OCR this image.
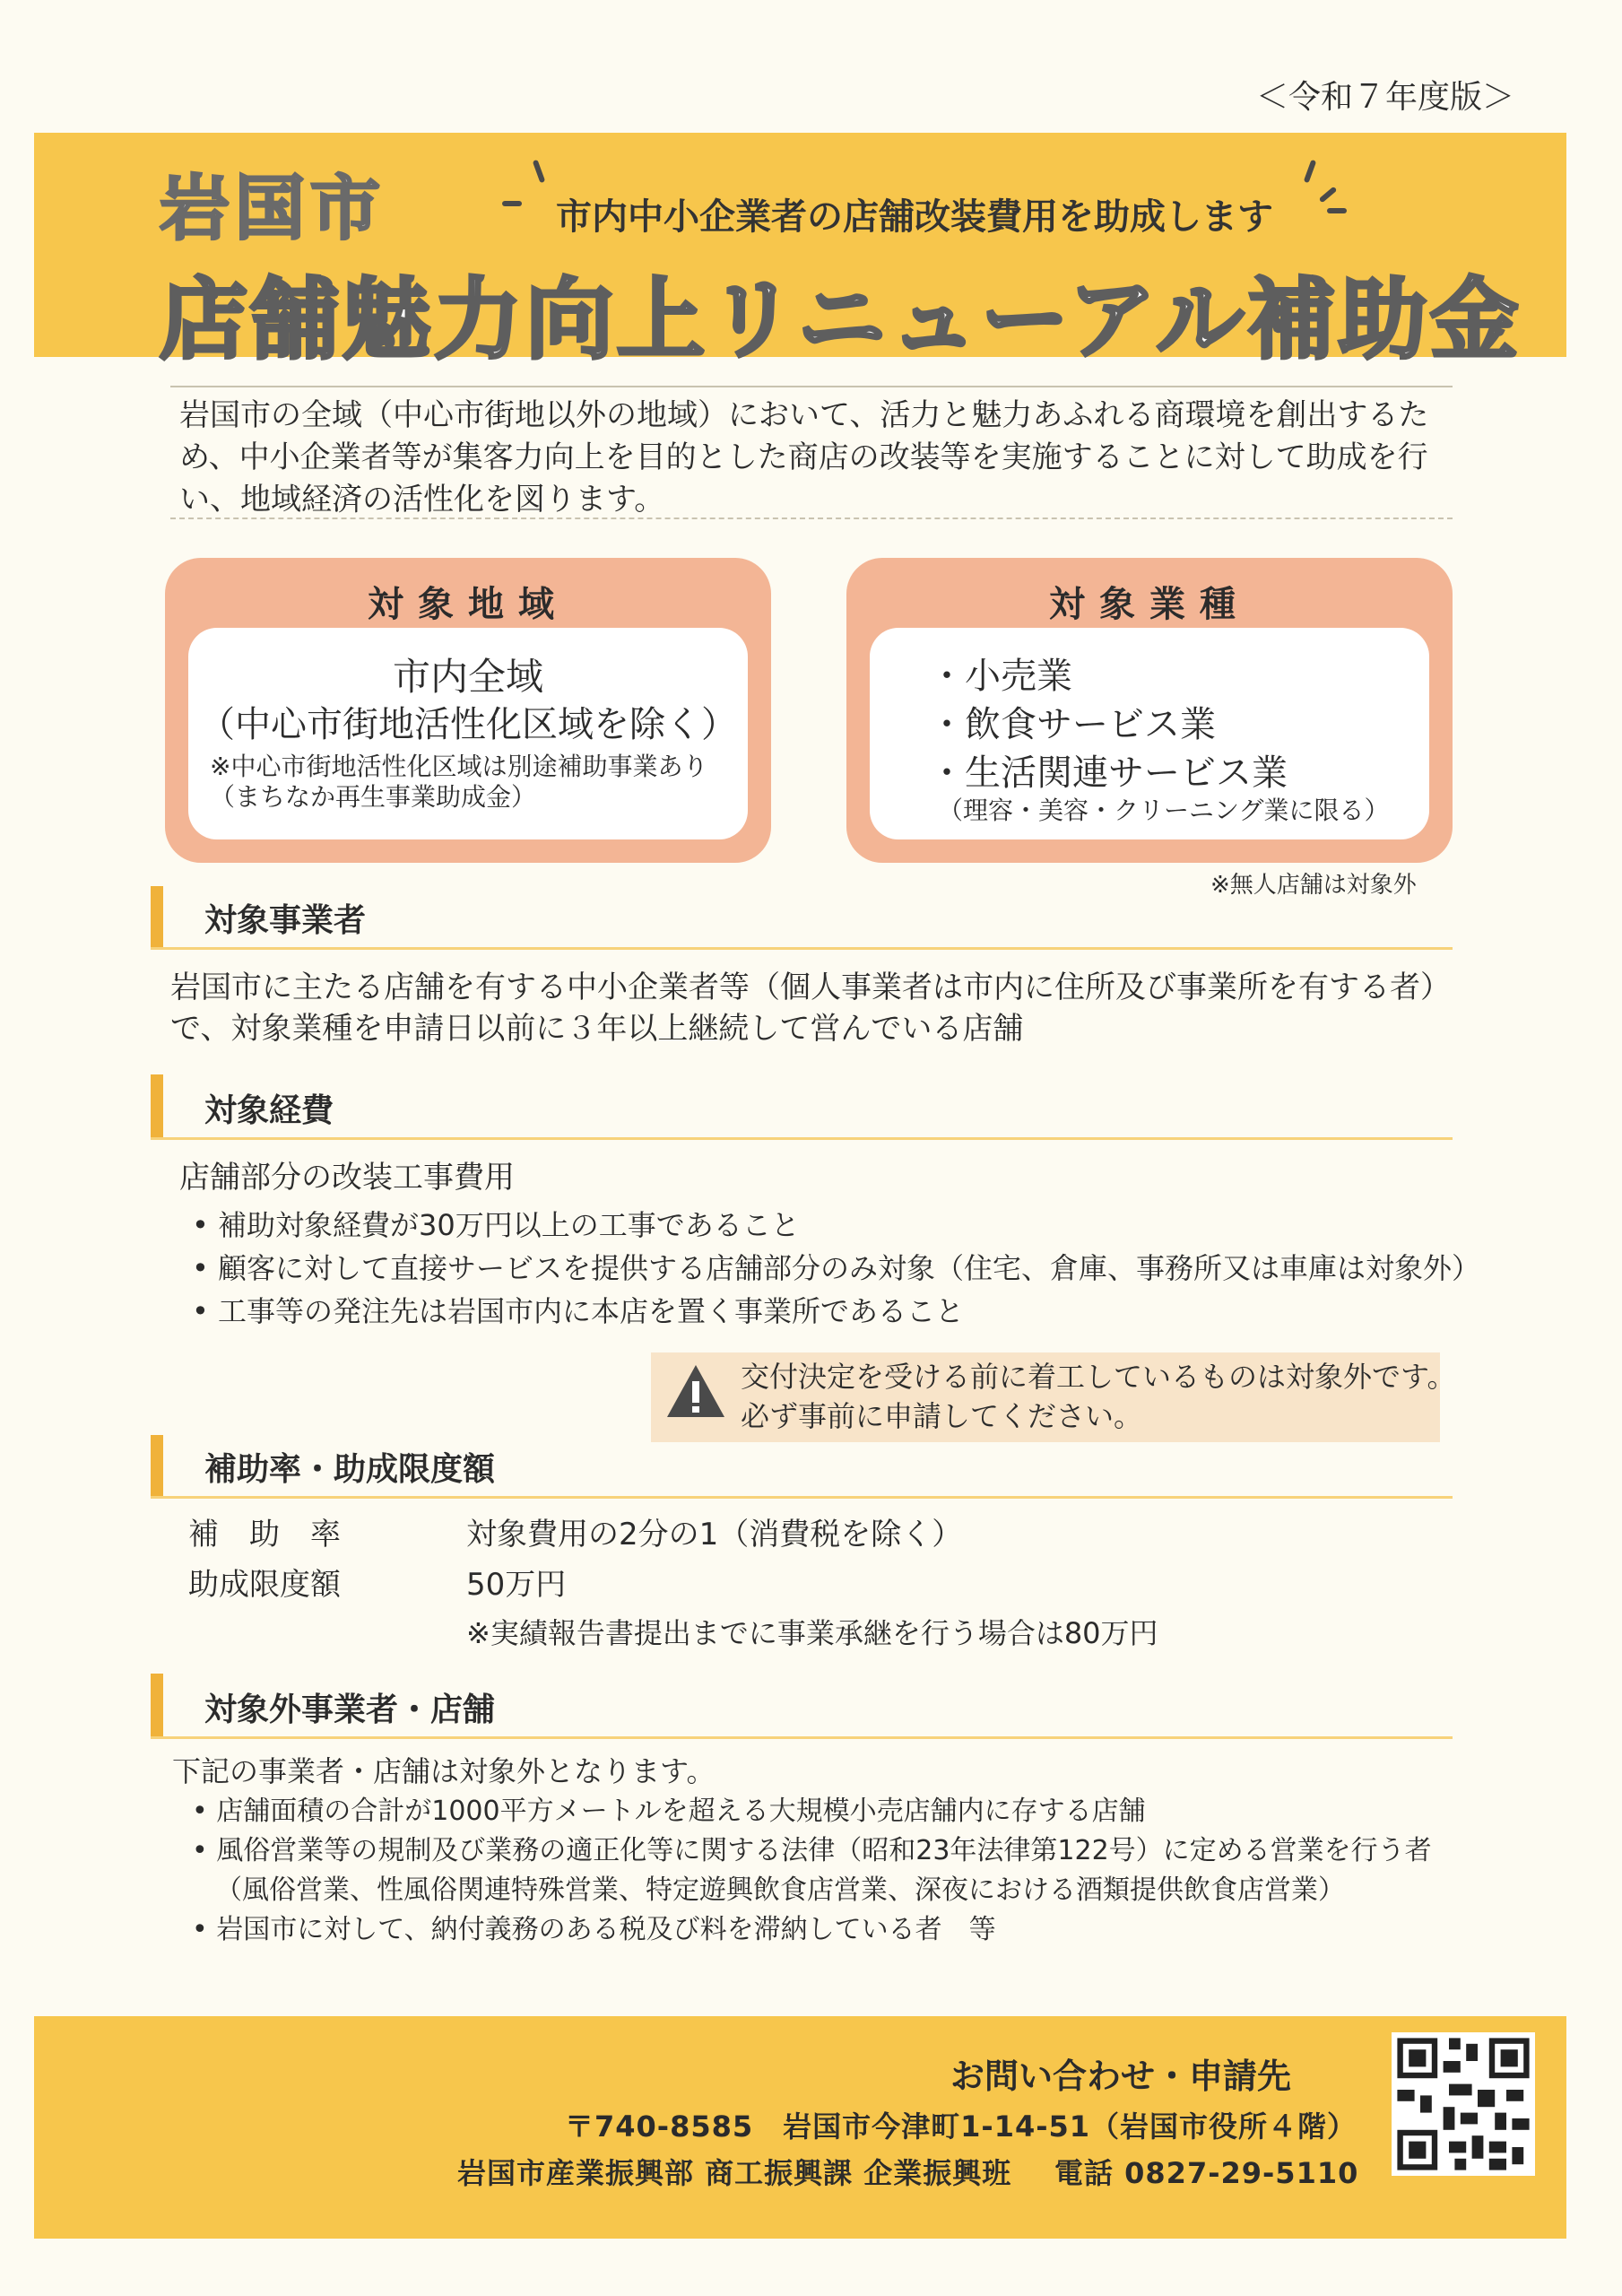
＜令和７年度版＞
岩国市	市内中小企業者の店舗改装費用を助成します
店舗魅力向上リニューアル補助金
岩国市の全域（中心市街地以外の地域）において、活力と魅力あふれる商環境を創出するため、中小企業者等が集客力向上を目的とした商店の改装等を実施することに対して助成を行い、地域経済の活性化を図ります。
対象地域
市内全域
（中心市街地活性化区域を除く）
※中心市街地活性化区域は別途補助事業あり
（まちなか再生事業助成金）
対象業種
・小売業
・飲食サービス業
・生活関連サービス業
（理容・美容・クリーニング業に限る）
※無人店舗は対象外
対象事業者
岩国市に主たる店舗を有する中小企業者等（個人事業者は市内に住所及び事業所を有する者）で、対象業種を申請日以前に３年以上継続して営んでいる店舗
対象経費
店舗部分の改装工事費用
• 補助対象経費が30万円以上の工事であること
• 顧客に対して直接サービスを提供する店舗部分のみ対象（住宅、倉庫、事務所又は車庫は対象外）
• 工事等の発注先は岩国市内に本店を置く事業所であること
交付決定を受ける前に着工しているものは対象外です。
必ず事前に申請してください。
補助率・助成限度額
補　助　率	対象費用の2分の1（消費税を除く）
助成限度額	50万円
※実績報告書提出までに事業承継を行う場合は80万円
対象外事業者・店舗
下記の事業者・店舗は対象外となります。
• 店舗面積の合計が1000平方メートルを超える大規模小売店舗内に存する店舗
• 風俗営業等の規制及び業務の適正化等に関する法律（昭和23年法律第122号）に定める営業を行う者
（風俗営業、性風俗関連特殊営業、特定遊興飲食店営業、深夜における酒類提供飲食店営業）
• 岩国市に対して、納付義務のある税及び料を滞納している者　等
お問い合わせ・申請先
〒740-8585　岩国市今津町1-14-51（岩国市役所４階）
岩国市産業振興部 商工振興課 企業振興班 電話 0827-29-5110
